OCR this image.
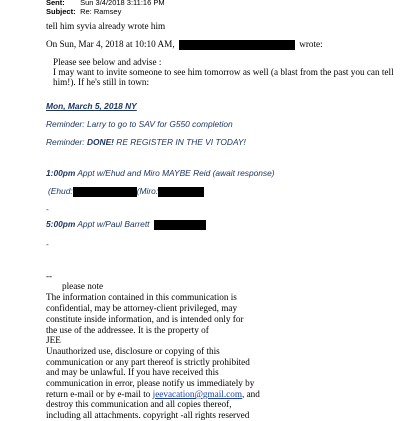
Sent: Sun 3/4/2018 3:11:16 PM
Subject: Re: Ramsey
tell him syvia already wrote him
On Sun, Mar 4, 2018 at 10:10 AM,	wrote:
Please see below and advise :
I may want to invite someone to see him tomorrow as well (a blast from the past you can tell
him!). If he's still in town:
Mon, March 5, 2018 NY
Reminder: Larry to go to SAV for G550 completion
Reminder: DONE! RE REGISTER IN THE VI TODAY!
1:00pm Appt w/Ehud and Miro MAYBE Reid (await response)
(Ehud:	(Miro:
-
5:00pm Appt w/Paul Barrett
-
--
please note
The information contained in this communication is
confidential, may be attorney-client privileged, may
constitute inside information, and is intended only for
the use of the addressee. It is the property of
JEE
Unauthorized use, disclosure or copying of this
communication or any part thereof is strictly prohibited
and may be unlawful. If you have received this
communication in error, please notify us immediately by
return e-mail or by e-mail to jeevacation@gmail.com, and
destroy this communication and all copies thereof,
including all attachments. copyright -all rights reserved
